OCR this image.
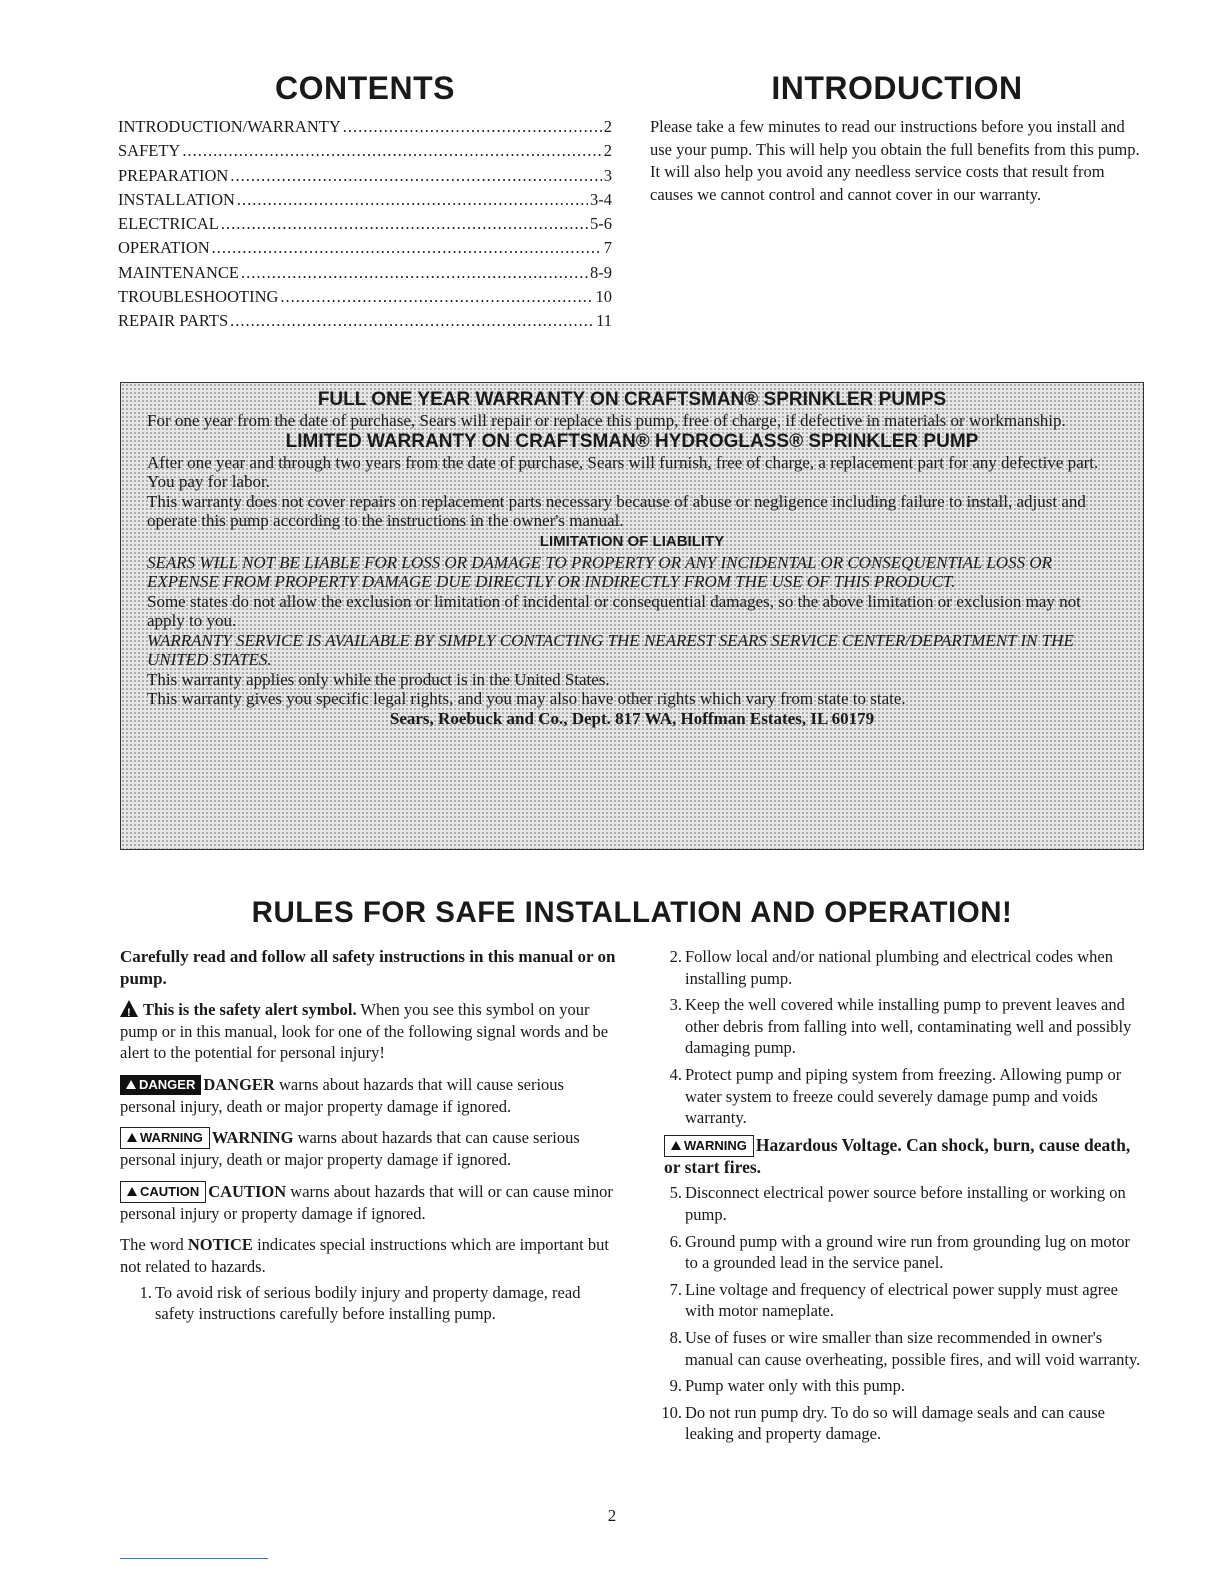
CONTENTS
INTRODUCTION/WARRANTY .....	2
SAFETY .....	2
PREPARATION .....	3
INSTALLATION .....	3-4
ELECTRICAL .....	5-6
OPERATION .....	7
MAINTENANCE .....	8-9
TROUBLESHOOTING .....	10
REPAIR PARTS .....	11
INTRODUCTION

Please take a few minutes to read our instructions before you install and use your pump. This will help you obtain the full benefits from this pump. It will also help you avoid any needless service costs that result from causes we cannot control and cannot cover in our warranty.

FULL ONE YEAR WARRANTY ON CRAFTSMAN® SPRINKLER PUMPS

For one year from the date of purchase, Sears will repair or replace this pump, free of charge, if defective in materials or workmanship.

LIMITED WARRANTY ON CRAFTSMAN® HYDROGLASS® SPRINKLER PUMP

After one year and through two years from the date of purchase, Sears will furnish, free of charge, a replacement part for any defective part. You pay for labor.

This warranty does not cover repairs on replacement parts necessary because of abuse or negligence including failure to install, adjust and operate this pump according to the instructions in the owner's manual.

LIMITATION OF LIABILITY

SEARS WILL NOT BE LIABLE FOR LOSS OR DAMAGE TO PROPERTY OR ANY INCIDENTAL OR CONSEQUENTIAL LOSS OR EXPENSE FROM PROPERTY DAMAGE DUE DIRECTLY OR INDIRECTLY FROM THE USE OF THIS PRODUCT.

Some states do not allow the exclusion or limitation of incidental or consequential damages, so the above limitation or exclusion may not apply to you.

WARRANTY SERVICE IS AVAILABLE BY SIMPLY CONTACTING THE NEAREST SEARS SERVICE CENTER/DEPARTMENT IN THE UNITED STATES.

This warranty applies only while the product is in the United States.

This warranty gives you specific legal rights, and you may also have other rights which vary from state to state.

Sears, Roebuck and Co., Dept. 817 WA, Hoffman Estates, IL 60179

RULES FOR SAFE INSTALLATION AND OPERATION!

Carefully read and follow all safety instructions in this manual or on pump.

!This is the safety alert symbol. When you see this symbol on your pump or in this manual, look for one of the following signal words and be alert to the potential for personal injury!

DANGER DANGER warns about hazards that will cause serious personal injury, death or major property damage if ignored.

WARNING WARNING warns about hazards that can cause serious personal injury, death or major property damage if ignored.

CAUTION CAUTION warns about hazards that will or can cause minor personal injury or property damage if ignored.

The word NOTICE indicates special instructions which are important but not related to hazards.

1. To avoid risk of serious bodily injury and property damage, read safety instructions carefully before installing pump.
2. Follow local and/or national plumbing and electrical codes when installing pump.
3. Keep the well covered while installing pump to prevent leaves and other debris from falling into well, contaminating well and possibly damaging pump.
4. Protect pump and piping system from freezing. Allowing pump or water system to freeze could severely damage pump and voids warranty.

WARNING Hazardous Voltage. Can shock, burn, cause death, or start fires.

5. Disconnect electrical power source before installing or working on pump.
6. Ground pump with a ground wire run from grounding lug on motor to a grounded lead in the service panel.
7. Line voltage and frequency of electrical power supply must agree with motor nameplate.
8. Use of fuses or wire smaller than size recommended in owner's manual can cause overheating, possible fires, and will void warranty.
9. Pump water only with this pump.
10. Do not run pump dry. To do so will damage seals and can cause leaking and property damage.
2
